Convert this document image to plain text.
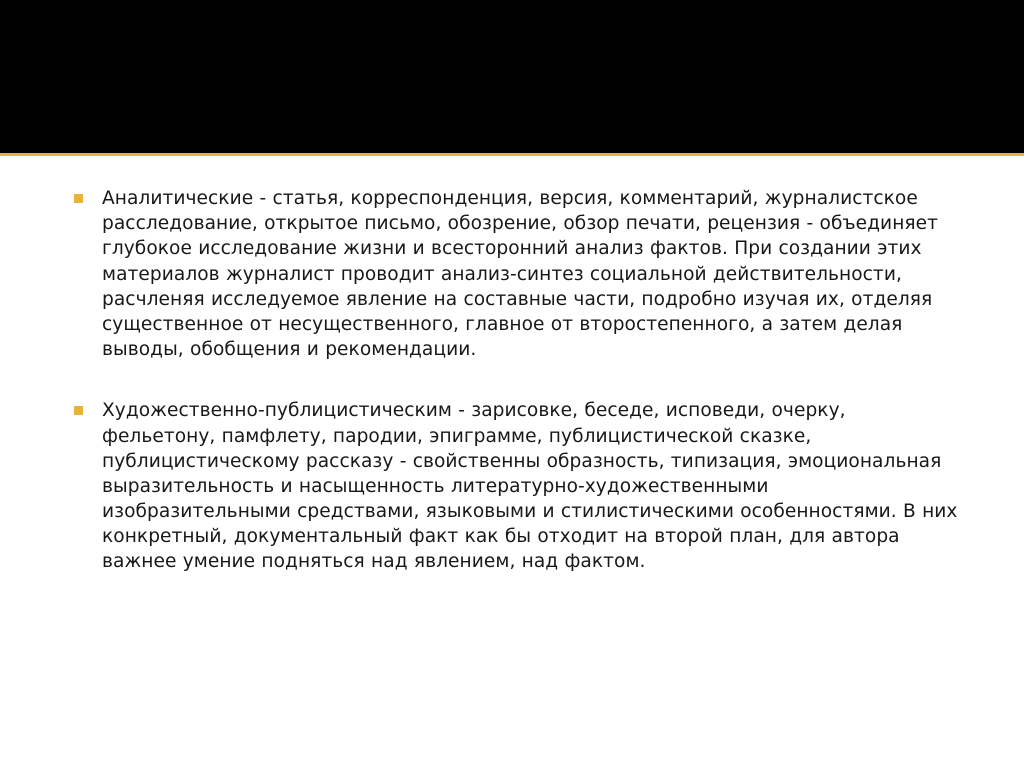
Аналитические - статья, корреспонденция, версия, комментарий, журналистское расследование, открытое письмо, обозрение, обзор печати, рецензия - объединяет глубокое исследование жизни и всесторонний анализ фактов. При создании этих материалов журналист проводит анализ-синтез социальной действительности, расчленяя исследуемое явление на составные части, подробно изучая их, отделяя существенное от несущественного, главное от второстепенного, а затем делая выводы, обобщения и рекомендации.
Художественно-публицистическим - зарисовке, беседе, исповеди, очерку, фельетону, памфлету, пародии, эпиграмме, публицистической сказке, публицистическому рассказу - свойственны образность, типизация, эмоциональная выразительность и насыщенность литературно-художественными изобразительными средствами, языковыми и стилистическими особенностями. В них конкретный, документальный факт как бы отходит на второй план, для автора важнее умение подняться над явлением, над фактом.
